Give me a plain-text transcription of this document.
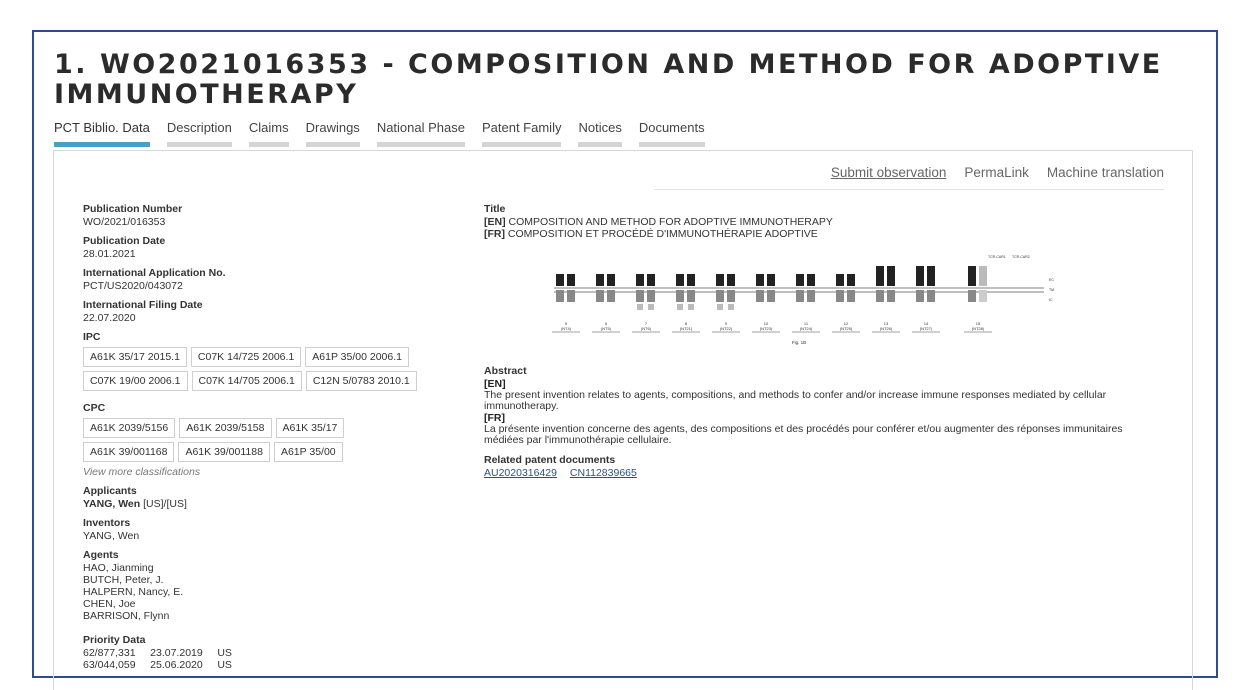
1. WO2021016353 - COMPOSITION AND METHOD FOR ADOPTIVE IMMUNOTHERAPY
PCT Biblio. Data Description Claims Drawings National Phase Patent Family Notices Documents
Submit observation PermaLink Machine translation
Publication Number
WO/2021/016353
Publication Date
28.01.2021
International Application No.
PCT/US2020/043072
International Filing Date
22.07.2020
IPC
A61K 35/17 2015.1	C07K 14/725 2006.1	A61P 35/00 2006.1
C07K 19/00 2006.1	C07K 14/705 2006.1	C12N 5/0783 2010.1
CPC
A61K 2039/5156	A61K 2039/5158	A61K 35/17
A61K 39/001168	A61K 39/001188	A61P 35/00
View more classifications
Applicants
YANG, Wen [US]/[US]
Inventors
YANG, Wen
Agents
HAO, Jianming
BUTCH, Peter, J.
HALPERN, Nancy, E.
CHEN, Joe
BARRISON, Flynn
Priority Data
62/877,331 23.07.2019 US
63/044,059 25.06.2020 US
Title
[EN] COMPOSITION AND METHOD FOR ADOPTIVE IMMUNOTHERAPY
[FR] COMPOSITION ET PROCÉDÉ D'IMMUNOTHÉRAPIE ADOPTIVE
5
(NT4)
6
(NT5)
7
(NT6)
8
(NT21)
9
(NT22)
10
(NT23)
11
(NT24)
12
(NT25)
13
(NT26)
14
(NT27)
15
(NT28)
TCR-CAR1 TCR-CAR2
EC
TM
IC
Fig. 1B
Abstract
[EN]
The present invention relates to agents, compositions, and methods to confer and/or increase immune responses mediated by cellular immunotherapy.
[FR]
La présente invention concerne des agents, des compositions et des procédés pour conférer et/ou augmenter des réponses immunitaires médiées par l'immunothérapie cellulaire.
Related patent documents
AU2020316429 CN112839665
